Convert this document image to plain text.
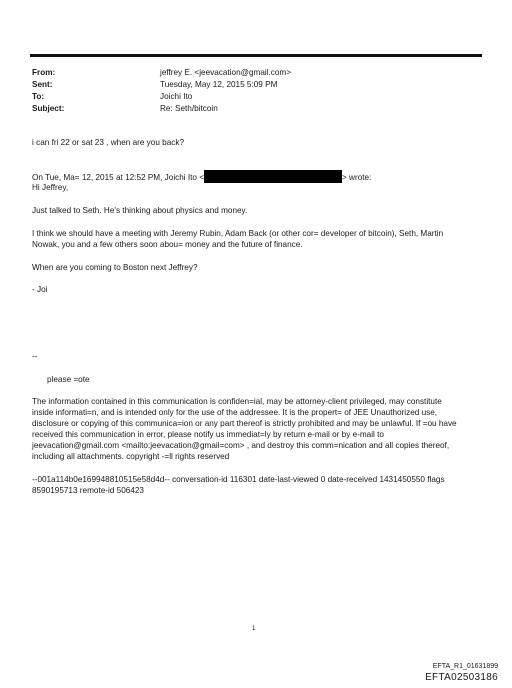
From:	jeffrey E. <jeevacation@gmail.com>
Sent:	Tuesday, May 12, 2015 5:09 PM
To:	Joichi Ito
Subject:	Re: Seth/bitcoin
i can fri 22 or sat 23 , when are you back?
On Tue, Ma= 12, 2015 at 12:52 PM, Joichi Ito <	> wrote:
Hi Jeffrey,
Just talked to Seth. He's thinking about physics and money.
I think we should have a meeting with Jeremy Rubin, Adam Back (or other cor= developer of bitcoin), Seth, Martin
Nowak, you and a few others soon abou= money and the future of finance.
When are you coming to Boston next Jeffrey?
- Joi
--
please =ote
The information contained in this communication is confiden=ial, may be attorney-client privileged, may constitute
inside informati=n, and is intended only for the use of the addressee. It is the propert= of JEE Unauthorized use,
disclosure or copying of this communica=ion or any part thereof is strictly prohibited and may be unlawful. If =ou have
received this communication in error, please notify us immediat=ly by return e-mail or by e-mail to
jeevacation@gmail.com <mailto:jeevacation@gmail=com> , and destroy this comm=nication and all copies thereof,
including all attachments. copyright -=ll rights reserved
--001a114b0e169948810515e58d4d-- conversation-id 116301 date-last-viewed 0 date-received 1431450550 flags
8590195713 remote-id 506423
1
EFTA_R1_01631899
EFTA02503186
